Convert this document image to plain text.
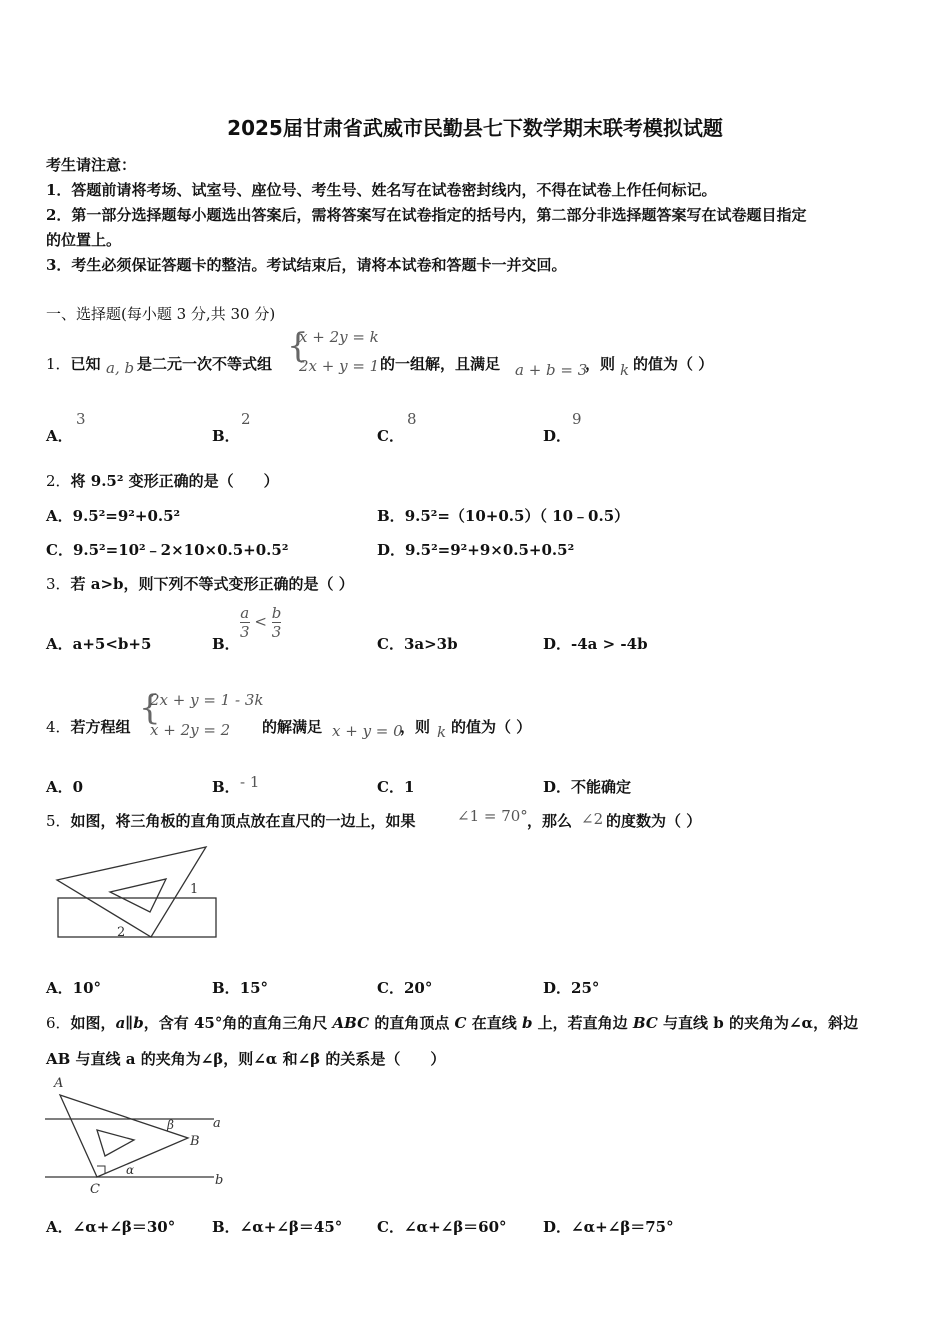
2025届甘肃省武威市民勤县七下数学期末联考模拟试题
考生请注意：
1．答题前请将考场、试室号、座位号、考生号、姓名写在试卷密封线内，不得在试卷上作任何标记。
2．第一部分选择题每小题选出答案后，需将答案写在试卷指定的括号内，第二部分非选择题答案写在试卷题目指定
的位置上。
3．考生必须保证答题卡的整洁。考试结束后，请将本试卷和答题卡一并交回。
一、选择题(每小题 3 分,共 30 分)
1．已知 a, b 是二元一次不等式组 {
x + 2y = k
2x + y = 1 的一组解，且满足 a + b = 3
，则 k 的值为（ ）
A．
3
B．
2
C．
8
D．
9
2．将 9.5² 变形正确的是（　　）
A．9.5²=9²+0.5²	B．9.5²=（10+0.5）（ 10﹣0.5）
C．9.5²=10²﹣2×10×0.5+0.5²	D．9.5²=9²+9×0.5+0.5²
3．若 a>b，则下列不等式变形正确的是（ ）
A．a+5<b+5	B．
$\frac{a}{3} < \frac{b}{3}$
C．3a>3b	D．-4a > -4b
4．若方程组 {
2x + y = 1 - 3k
x + 2y = 2 的解满足 x + y = 0
，则 k 的值为（ ）
A．0	B． - 1	C．1	D．不能确定
5．如图，将三角板的直角顶点放在直尺的一边上，如果	∠1 = 70° ，那么 ∠2 的度数为（ ）
1
2
A．10°	B．15°	C．20°	D．25°
6．如图，a∥b，含有 45°角的直角三角尺 ABC 的直角顶点 C 在直线 b 上，若直角边 BC 与直线 b 的夹角为∠α，斜边
AB 与直线 a 的夹角为∠β，则∠α 和∠β 的关系是（　　）
A
B
C
a
b
β
α
A．∠α+∠β＝30° B．∠α+∠β＝45° C．∠α+∠β＝60° D．∠α+∠β＝75°
